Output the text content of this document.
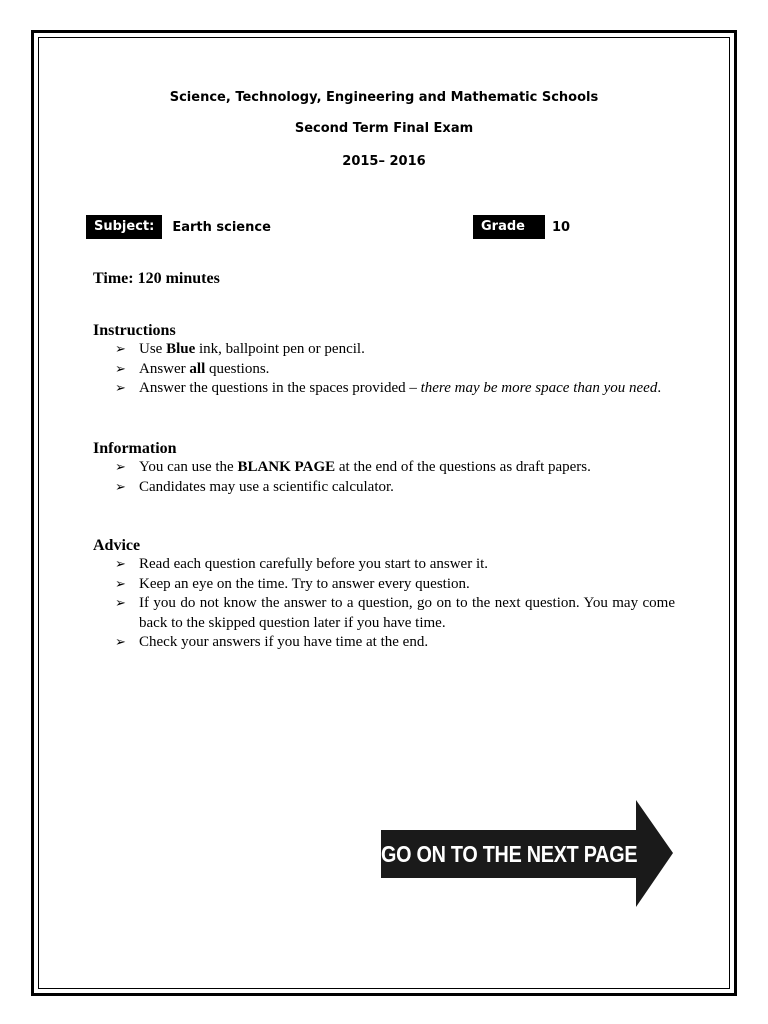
Science, Technology, Engineering and Mathematic Schools
Second Term Final Exam
2015– 2016
Subject:	Earth science	Grade	10
Time: 120 minutes
Instructions
➢ Use Blue ink, ballpoint pen or pencil.
➢ Answer all questions.
➢ Answer the questions in the spaces provided – there may be more space than you need.
Information
➢ You can use the BLANK PAGE at the end of the questions as draft papers.
➢ Candidates may use a scientific calculator.
Advice
➢ Read each question carefully before you start to answer it.
➢ Keep an eye on the time. Try to answer every question.
➢ If you do not know the answer to a question, go on to the next question. You may come back to the skipped question later if you have time.
➢ Check your answers if you have time at the end.
GO ON TO THE NEXT PAGE
